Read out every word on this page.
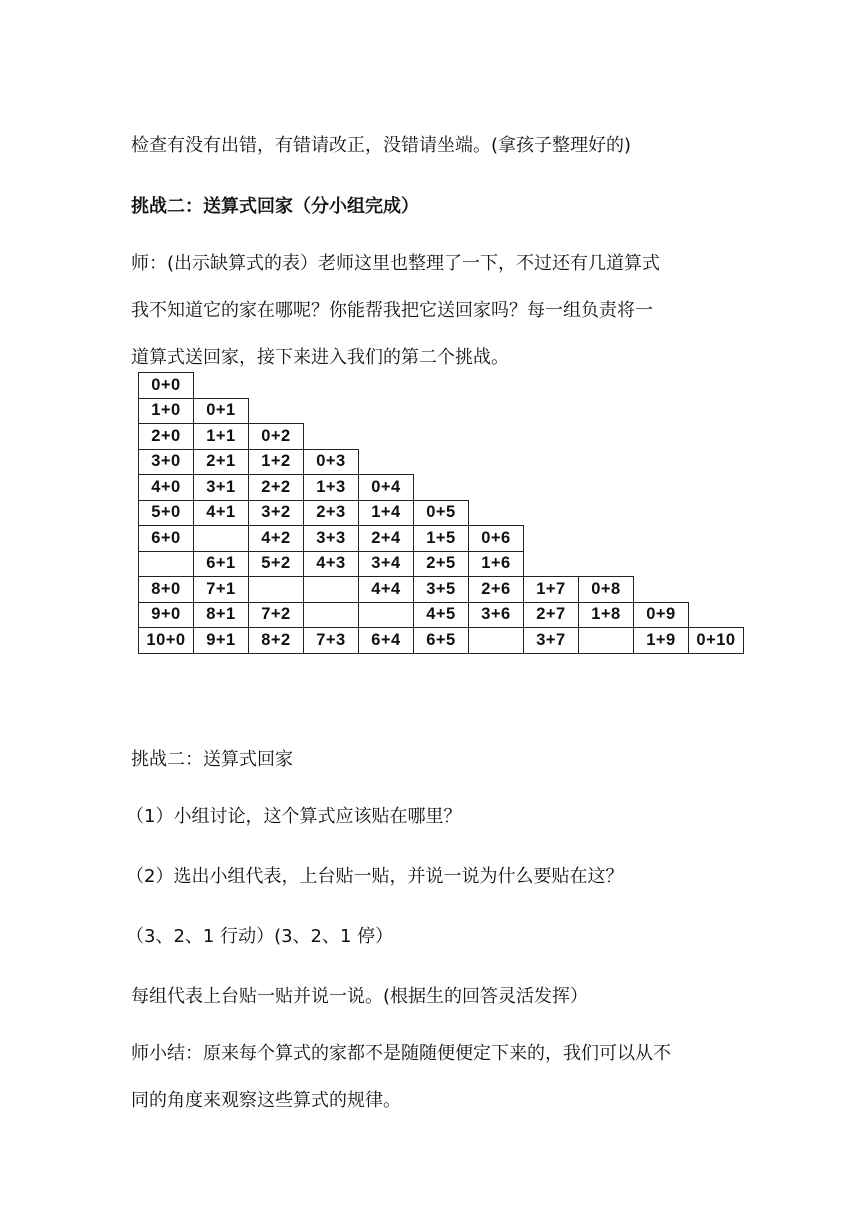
检查有没有出错，有错请改正，没错请坐端。(拿孩子整理好的)

挑战二：送算式回家（分小组完成）

师：(出示缺算式的表）老师这里也整理了一下，不过还有几道算式

我不知道它的家在哪呢？你能帮我把它送回家吗？每一组负责将一

道算式送回家，接下来进入我们的第二个挑战。

0+0										
1+0	0+1									
2+0	1+1	0+2								
3+0	2+1	1+2	0+3							
4+0	3+1	2+2	1+3	0+4						
5+0	4+1	3+2	2+3	1+4	0+5					
6+0		4+2	3+3	2+4	1+5	0+6				
	6+1	5+2	4+3	3+4	2+5	1+6				
8+0	7+1			4+4	3+5	2+6	1+7	0+8		
9+0	8+1	7+2			4+5	3+6	2+7	1+8	0+9	
10+0	9+1	8+2	7+3	6+4	6+5		3+7		1+9	0+10

挑战二：送算式回家

（1）小组讨论，这个算式应该贴在哪里？

（2）选出小组代表，上台贴一贴，并说一说为什么要贴在这？

（3、2、1 行动）(3、2、1 停）

每组代表上台贴一贴并说一说。(根据生的回答灵活发挥）

师小结：原来每个算式的家都不是随随便便定下来的，我们可以从不

同的角度来观察这些算式的规律。
